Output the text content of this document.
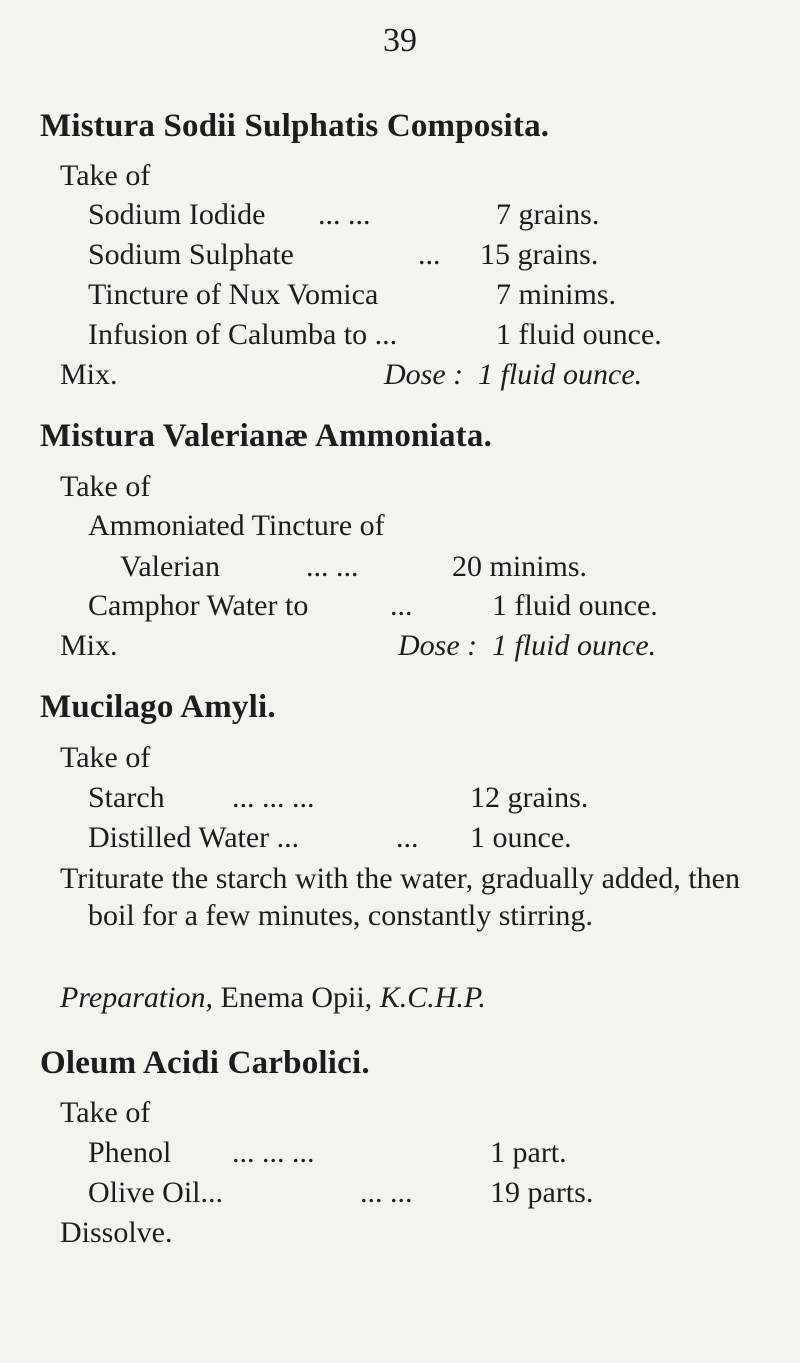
39
Mistura Sodii Sulphatis Composita.
Take of
Sodium Iodide ... ...	7 grains.
Sodium Sulphate	... 15 grains.
Tincture of Nux Vomica	7 minims.
Infusion of Calumba to ...	1 fluid ounce.
Mix.	Dose : 1 fluid ounce.
Mistura Valerianæ Ammoniata.
Take of
Ammoniated Tincture of
Valerian	... ...	20 minims.
Camphor Water to	...	1 fluid ounce.
Mix.	Dose : 1 fluid ounce.
Mucilago Amyli.
Take of
Starch ... ... ...	12 grains.
Distilled Water ...	... 1 ounce.
Triturate the starch with the water, gradually added, then boil for a few minutes, constantly stirring.
Preparation, Enema Opii, K.C.H.P.
Oleum Acidi Carbolici.
Take of
Phenol ... ... ...	1 part.
Olive Oil...	... ...	19 parts.
Dissolve.
